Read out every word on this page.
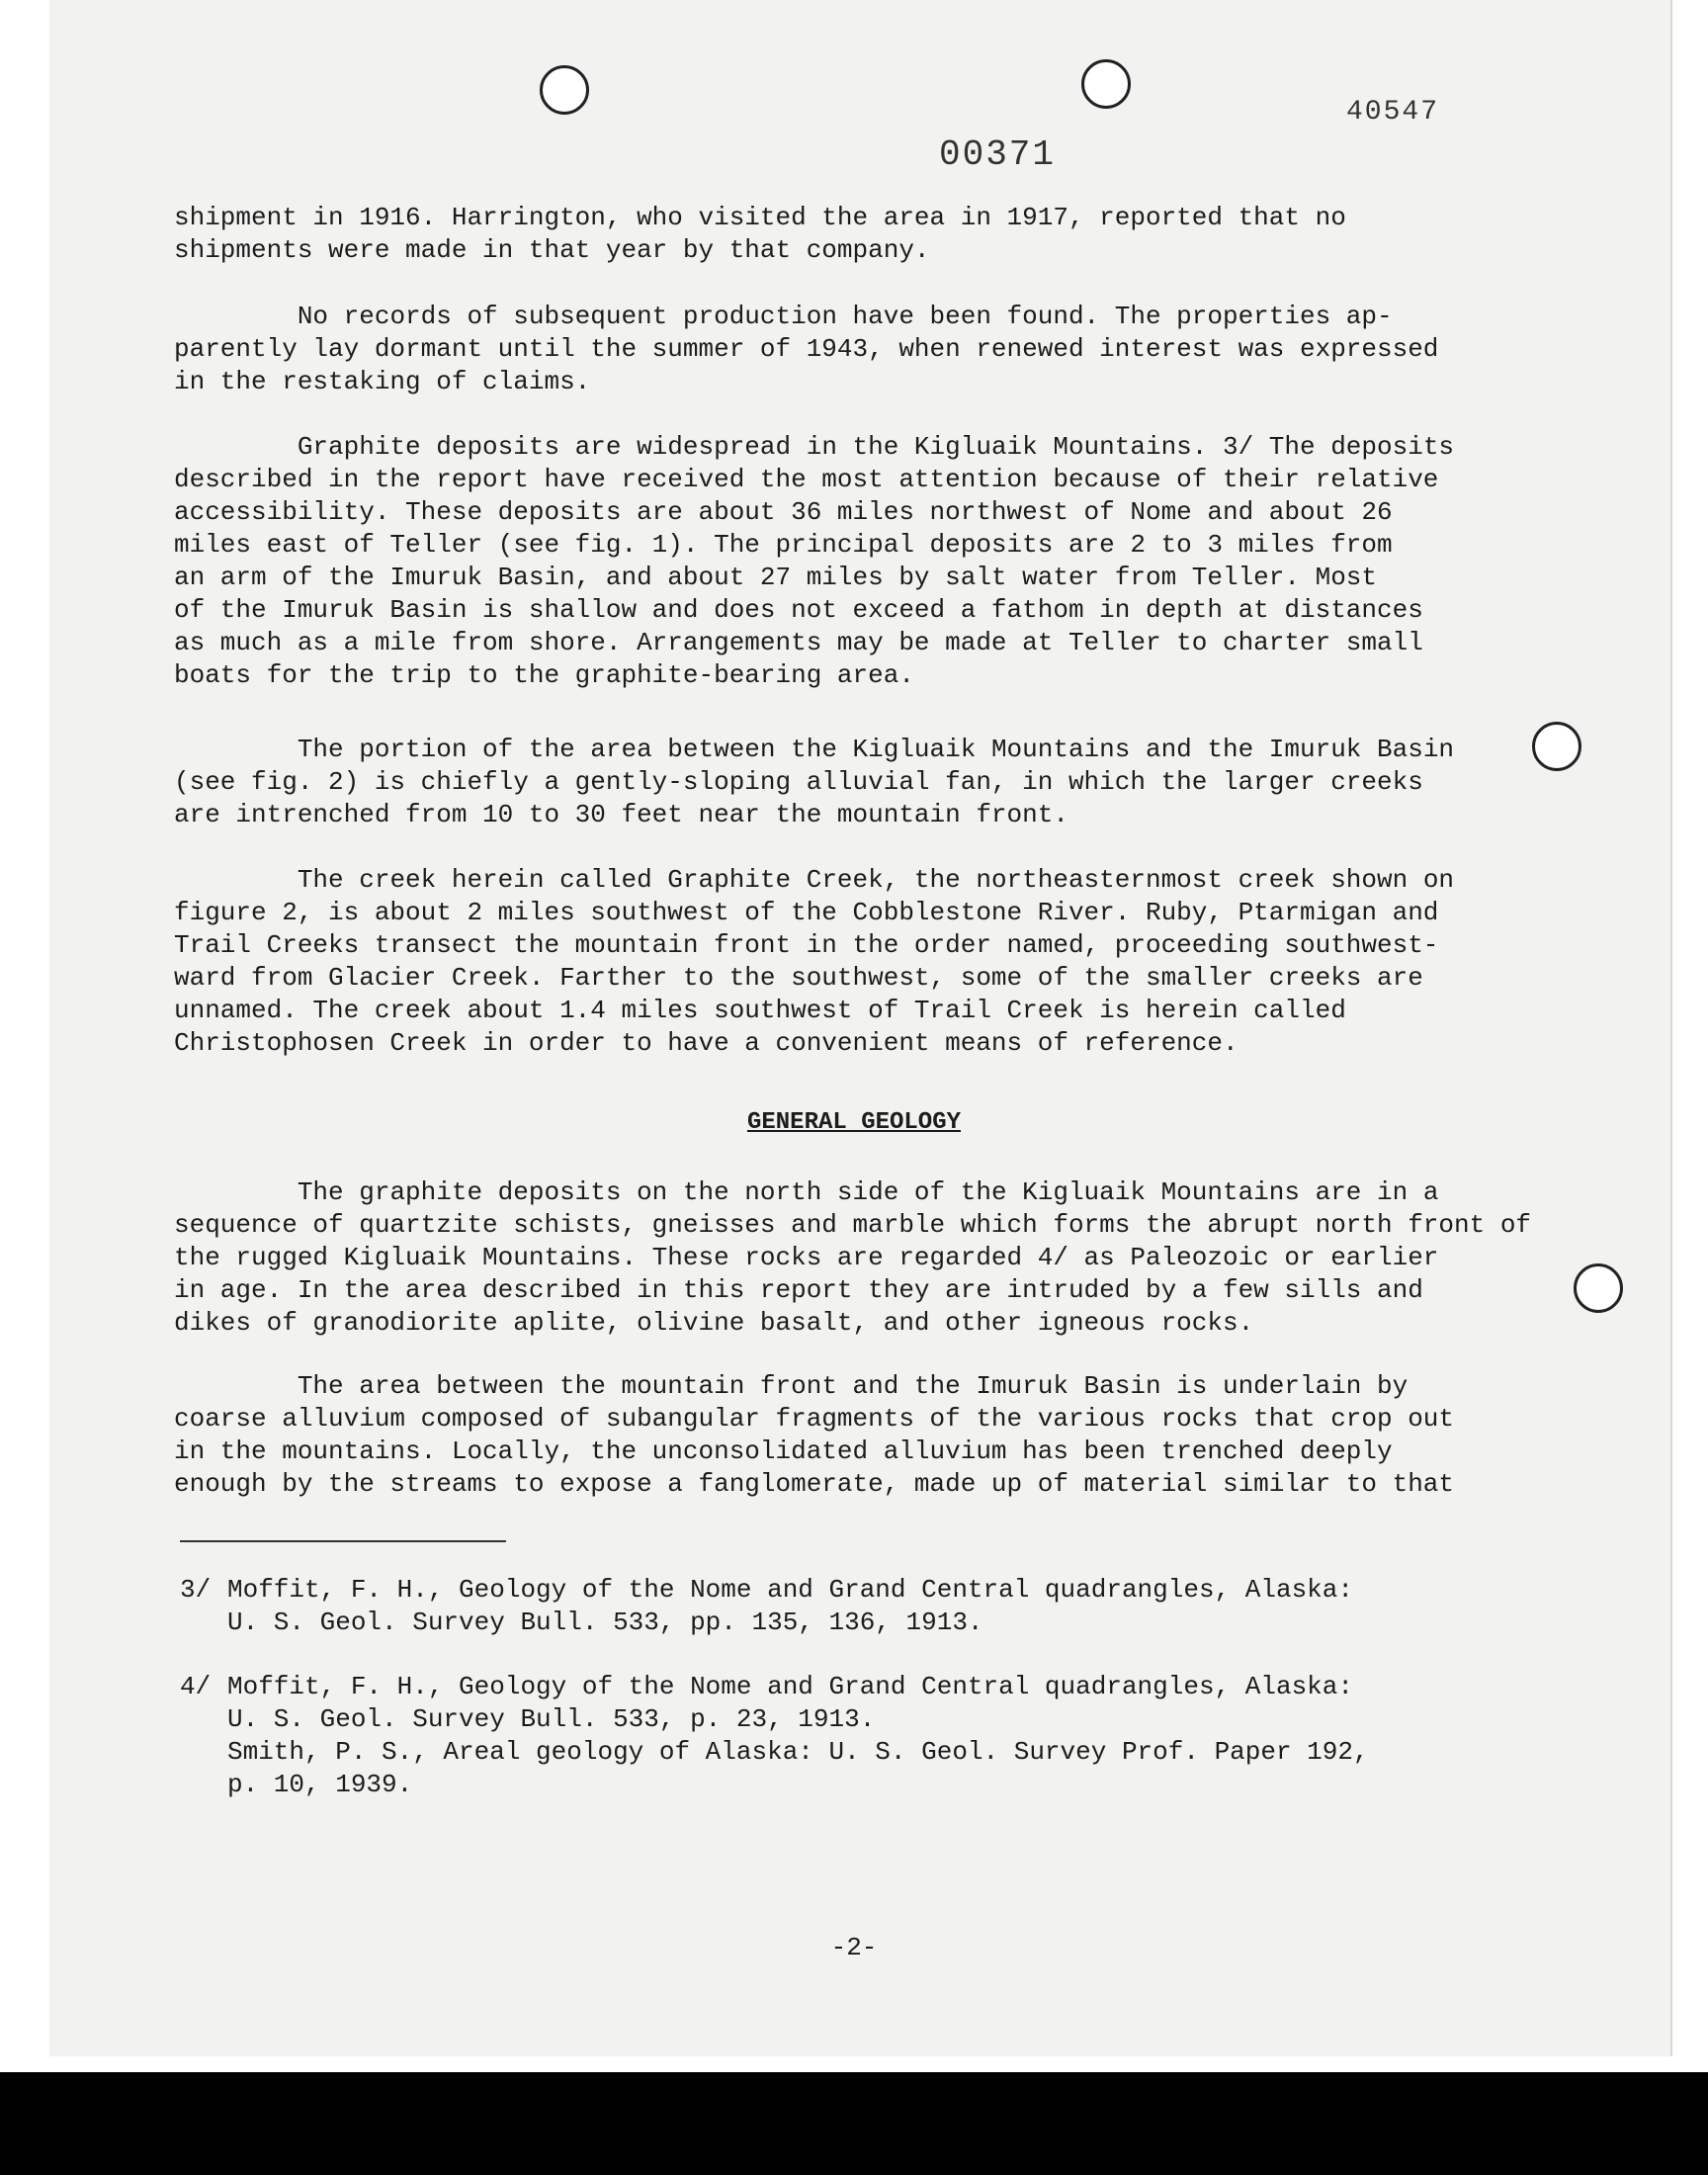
40547
00371

shipment in 1916. Harrington, who visited the area in 1917, reported that no
shipments were made in that year by that company.

No records of subsequent production have been found. The properties ap-
parently lay dormant until the summer of 1943, when renewed interest was expressed
in the restaking of claims.

Graphite deposits are widespread in the Kigluaik Mountains. 3/ The deposits
described in the report have received the most attention because of their relative
accessibility. These deposits are about 36 miles northwest of Nome and about 26
miles east of Teller (see fig. 1). The principal deposits are 2 to 3 miles from
an arm of the Imuruk Basin, and about 27 miles by salt water from Teller. Most
of the Imuruk Basin is shallow and does not exceed a fathom in depth at distances
as much as a mile from shore. Arrangements may be made at Teller to charter small
boats for the trip to the graphite-bearing area.

The portion of the area between the Kigluaik Mountains and the Imuruk Basin
(see fig. 2) is chiefly a gently-sloping alluvial fan, in which the larger creeks
are intrenched from 10 to 30 feet near the mountain front.

The creek herein called Graphite Creek, the northeasternmost creek shown on
figure 2, is about 2 miles southwest of the Cobblestone River. Ruby, Ptarmigan and
Trail Creeks transect the mountain front in the order named, proceeding southwest-
ward from Glacier Creek. Farther to the southwest, some of the smaller creeks are
unnamed. The creek about 1.4 miles southwest of Trail Creek is herein called
Christophosen Creek in order to have a convenient means of reference.

GENERAL GEOLOGY

The graphite deposits on the north side of the Kigluaik Mountains are in a
sequence of quartzite schists, gneisses and marble which forms the abrupt north front of
the rugged Kigluaik Mountains. These rocks are regarded 4/ as Paleozoic or earlier
in age. In the area described in this report they are intruded by a few sills and
dikes of granodiorite aplite, olivine basalt, and other igneous rocks.

The area between the mountain front and the Imuruk Basin is underlain by
coarse alluvium composed of subangular fragments of the various rocks that crop out
in the mountains. Locally, the unconsolidated alluvium has been trenched deeply
enough by the streams to expose a fanglomerate, made up of material similar to that

3/ Moffit, F. H., Geology of the Nome and Grand Central quadrangles, Alaska:
U. S. Geol. Survey Bull. 533, pp. 135, 136, 1913.
4/ Moffit, F. H., Geology of the Nome and Grand Central quadrangles, Alaska:
U. S. Geol. Survey Bull. 533, p. 23, 1913.
Smith, P. S., Areal geology of Alaska: U. S. Geol. Survey Prof. Paper 192,
p. 10, 1939.
-2-
